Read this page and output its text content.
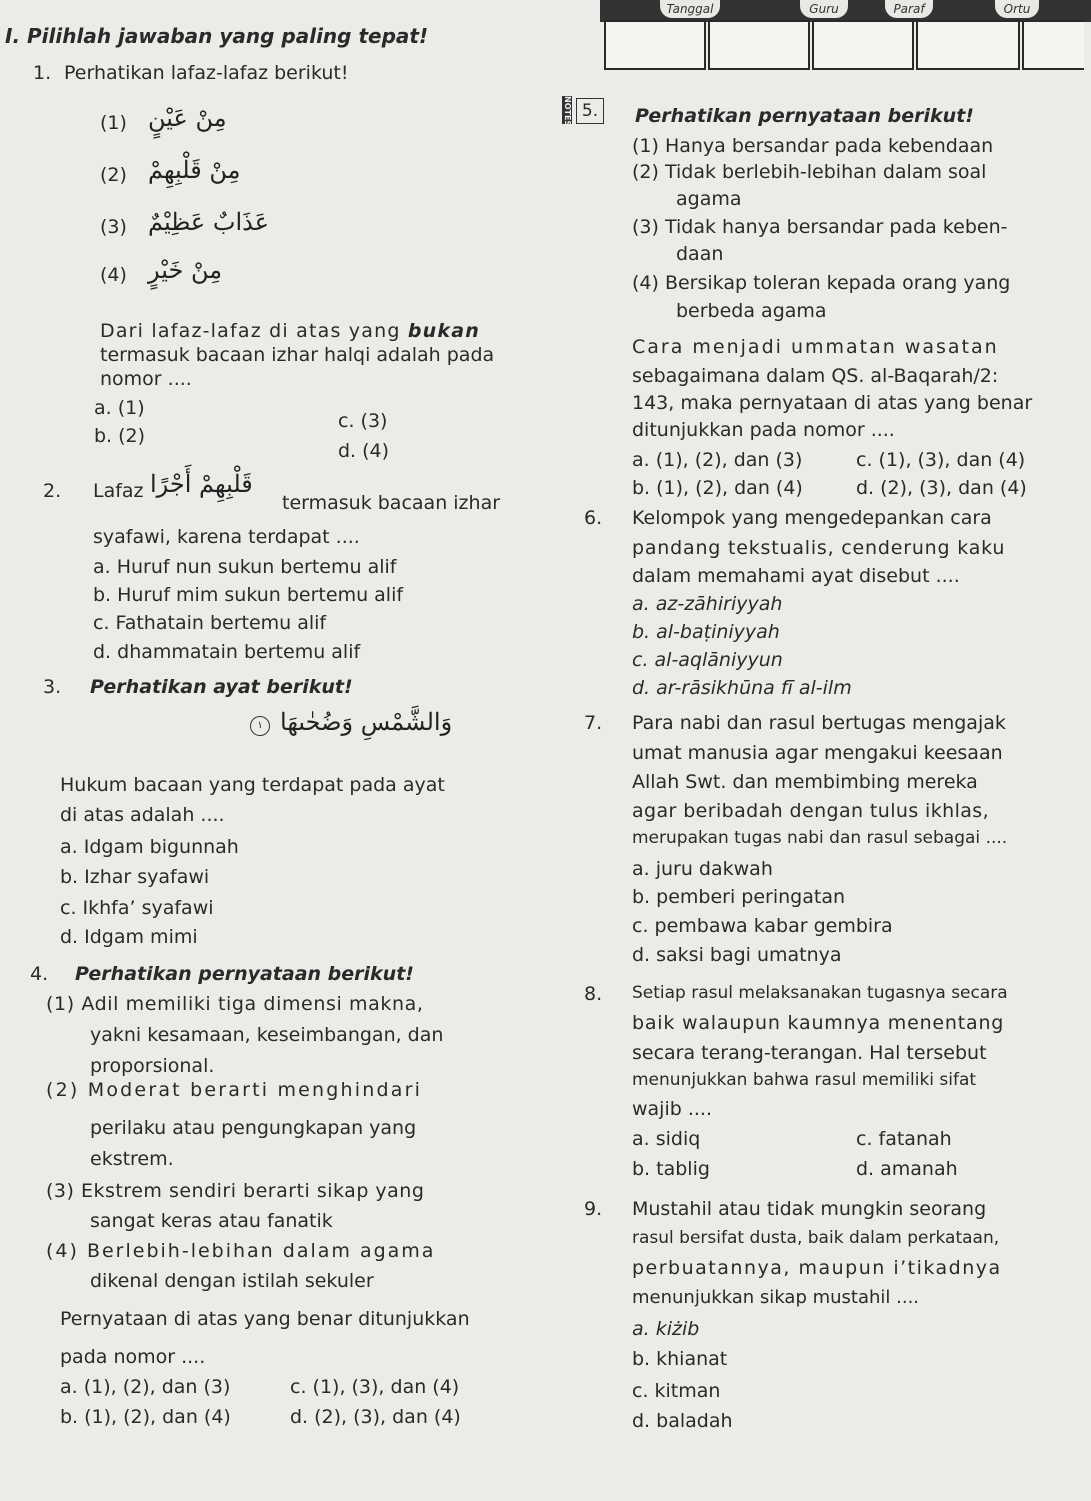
Tanggal	Guru	Paraf	Ortu
I. Pilihlah jawaban yang paling tepat!
1. Perhatikan lafaz-lafaz berikut!
(1) مِنْ عَيْنٍ
(2) مِنْ قَلْبِهِمْ
(3) عَذَابٌ عَظِيْمٌ
(4) مِنْ خَيْرٍ
Dari lafaz-lafaz di atas yang bukan
termasuk bacaan izhar halqi adalah pada
nomor ....
a. (1)
b. (2)
c. (3)
d. (4)
2. Lafaz قَلْبِهِمْ أَجْرًا
termasuk bacaan izhar
syafawi, karena terdapat ....
a. Huruf nun sukun bertemu alif
b. Huruf mim sukun bertemu alif
c. Fathatain bertemu alif
d. dhammatain bertemu alif
3. Perhatikan ayat berikut!
١ وَالشَّمْسِ وَضُحٰىهَا
Hukum bacaan yang terdapat pada ayat
di atas adalah ....
a. Idgam bigunnah
b. Izhar syafawi
c. Ikhfa’ syafawi
d. Idgam mimi
4. Perhatikan pernyataan berikut!
(1) Adil memiliki tiga dimensi makna,
yakni kesamaan, keseimbangan, dan
proporsional.
(2) Moderat berarti menghindari
perilaku atau pengungkapan yang
ekstrem.
(3) Ekstrem sendiri berarti sikap yang
sangat keras atau fanatik
(4) Berlebih-lebihan dalam agama
dikenal dengan istilah sekuler
Pernyataan di atas yang benar ditunjukkan
pada nomor ....
a. (1), (2), dan (3)	c. (1), (3), dan (4)
b. (1), (2), dan (4)	d. (2), (3), dan (4)
NOTES 5.	Perhatikan pernyataan berikut!
(1) Hanya bersandar pada kebendaan
(2) Tidak berlebih-lebihan dalam soal
agama
(3) Tidak hanya bersandar pada keben-
daan
(4) Bersikap toleran kepada orang yang
berbeda agama
Cara menjadi ummatan wasatan
sebagaimana dalam QS. al-Baqarah/2:
143, maka pernyataan di atas yang benar
ditunjukkan pada nomor ....
a. (1), (2), dan (3)	c. (1), (3), dan (4)
b. (1), (2), dan (4)	d. (2), (3), dan (4)
6. Kelompok yang mengedepankan cara
pandang tekstualis, cenderung kaku
dalam memahami ayat disebut ....
a. az-zāhiriyyah
b. al-baṭiniyyah
c. al-aqlāniyyun
d. ar-rāsikhūna fī al-ilm
7. Para nabi dan rasul bertugas mengajak
umat manusia agar mengakui keesaan
Allah Swt. dan membimbing mereka
agar beribadah dengan tulus ikhlas,
merupakan tugas nabi dan rasul sebagai ....
a. juru dakwah
b. pemberi peringatan
c. pembawa kabar gembira
d. saksi bagi umatnya
8. Setiap rasul melaksanakan tugasnya secara
baik walaupun kaumnya menentang
secara terang-terangan. Hal tersebut
menunjukkan bahwa rasul memiliki sifat
wajib ....
a. sidiq	c. fatanah
b. tablig	d. amanah
9. Mustahil atau tidak mungkin seorang
rasul bersifat dusta, baik dalam perkataan,
perbuatannya, maupun i’tikadnya
menunjukkan sikap mustahil ....
a. kiżib
b. khianat
c. kitman
d. baladah
